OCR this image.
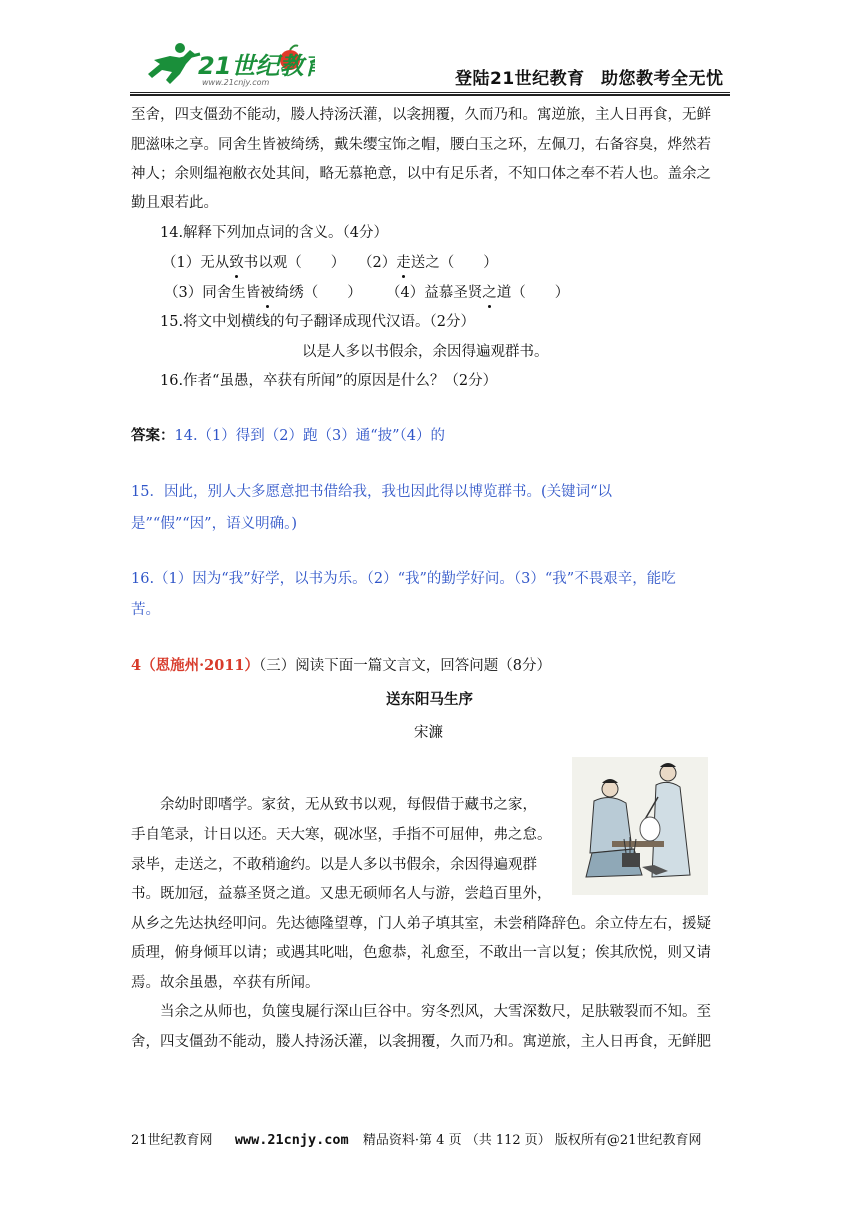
21世纪教育
www.21cnjy.com	登陆21世纪教育 助您教考全无忧
至舍，四支僵劲不能动，媵人持汤沃灌，以衾拥覆，久而乃和。寓逆旅，主人日再食，无鲜
肥滋味之享。同舍生皆被绮绣，戴朱缨宝饰之帽，腰白玉之环，左佩刀，右备容臭，烨然若
神人；余则缊袍敝衣处其间，略无慕艳意，以中有足乐者，不知口体之奉不若人也。盖余之
勤且艰若此。
14.解释下列加点词的含义。（4分）
（1）无从致书以观（　　） （2）走送之（　　）
（3）同舍生皆被绮绣（　　） （4）益慕圣贤之道（　　）
15.将文中划横线的句子翻译成现代汉语。（2分）
以是人多以书假余，余因得遍观群书。
16.作者“虽愚，卒获有所闻”的原因是什么？（2分）
答案：14.（1）得到（2）跑（3）通“披”（4）的
15．因此，别人大多愿意把书借给我，我也因此得以博览群书。(关键词“以
是”“假”“因”，语义明确。)
16.（1）因为“我”好学，以书为乐。（2）“我”的勤学好问。（3）“我”不畏艰辛，能吃
苦。
4（恩施州·2011）（三）阅读下面一篇文言文，回答问题（8分）
送东阳马生序
宋濂
余幼时即嗜学。家贫，无从致书以观，每假借于藏书之家，
手自笔录，计日以还。天大寒，砚冰坚，手指不可屈伸，弗之怠。
录毕，走送之，不敢稍逾约。以是人多以书假余，余因得遍观群
书。既加冠，益慕圣贤之道。又患无硕师名人与游，尝趋百里外，
从乡之先达执经叩问。先达德隆望尊，门人弟子填其室，未尝稍降辞色。余立侍左右，援疑
质理，俯身倾耳以请；或遇其叱咄，色愈恭，礼愈至，不敢出一言以复；俟其欣悦，则又请
焉。故余虽愚，卒获有所闻。
当余之从师也，负箧曳屣行深山巨谷中。穷冬烈风，大雪深数尺，足肤皲裂而不知。至
舍，四支僵劲不能动，媵人持汤沃灌，以衾拥覆，久而乃和。寓逆旅，主人日再食，无鲜肥
21世纪教育网 www.21cnjy.com 精品资料·第 4 页 （共 112 页） 版权所有@21世纪教育网
